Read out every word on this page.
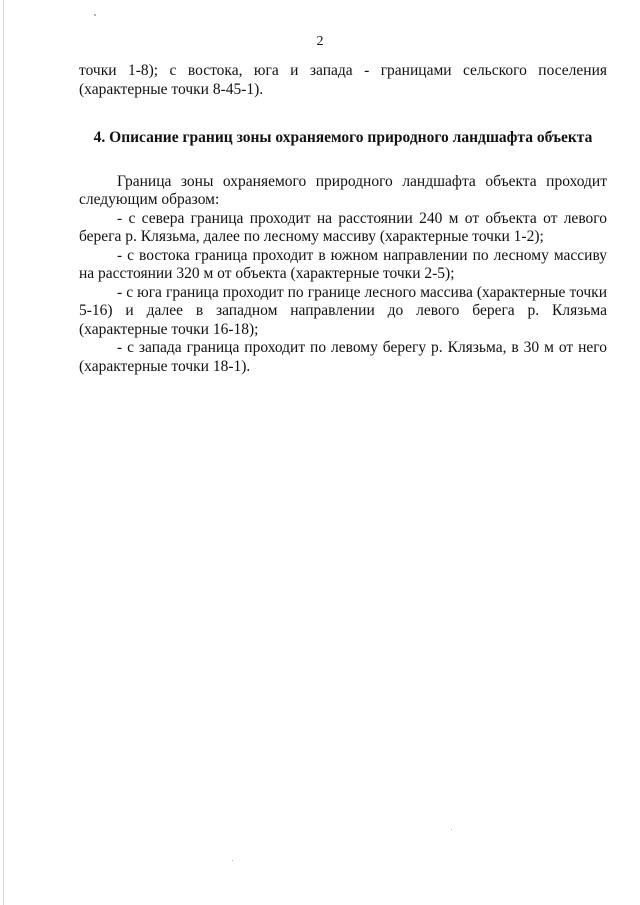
2

точки 1-8); с востока, юга и запада - границами сельского поселения (характерные точки 8-45-1).

4. Описание границ зоны охраняемого природного ландшафта объекта

Граница зоны охраняемого природного ландшафта объекта проходит следующим образом:

- с севера граница проходит на расстоянии 240 м от объекта от левого берега р. Клязьма, далее по лесному массиву (характерные точки 1-2);

- с востока граница проходит в южном направлении по лесному массиву на расстоянии 320 м от объекта (характерные точки 2-5);

- с юга граница проходит по границе лесного массива (характерные точки 5-16) и далее в западном направлении до левого берега р. Клязьма (характерные точки 16-18);

- с запада граница проходит по левому берегу р. Клязьма, в 30 м от него (характерные точки 18-1).
